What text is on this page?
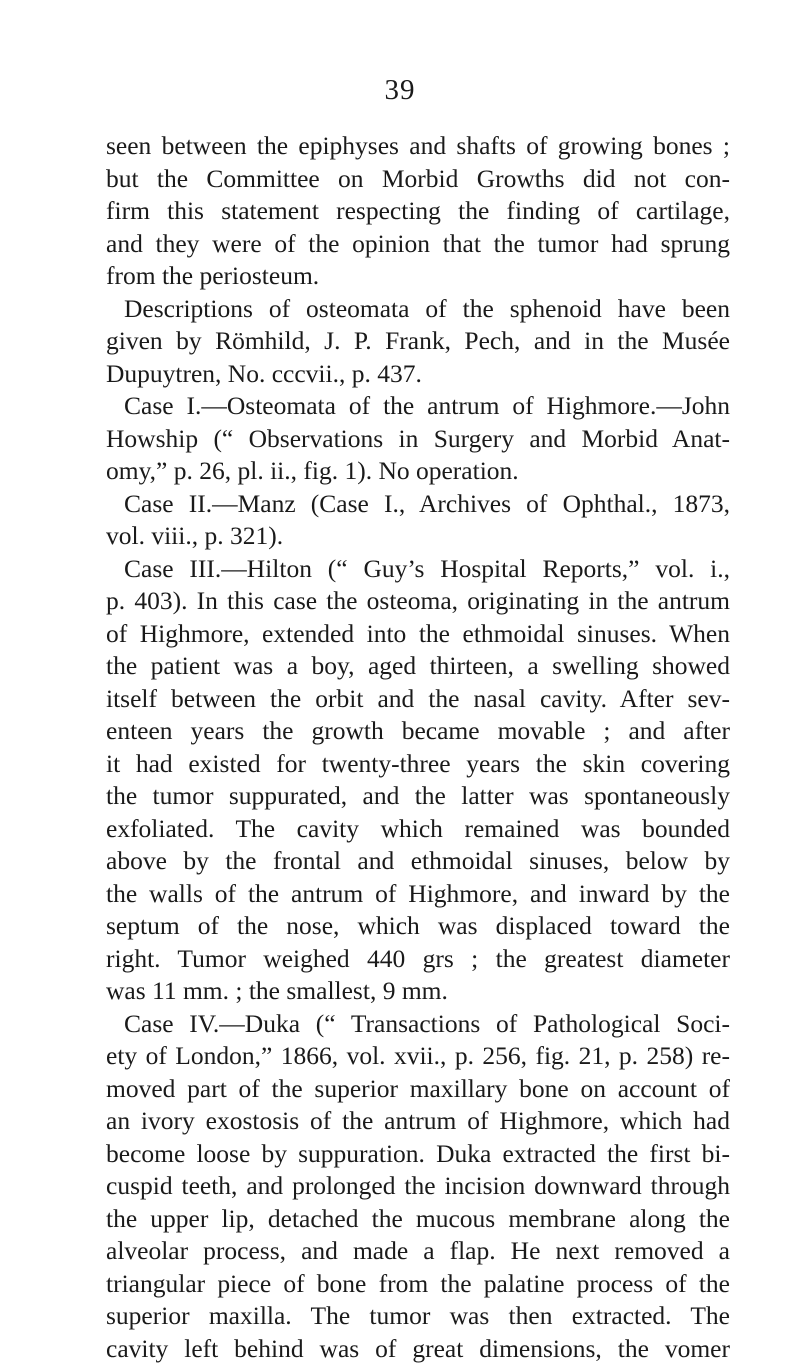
39
seen between the epiphyses and shafts of growing bones ;
but the Committee on Morbid Growths did not con-
firm this statement respecting the finding of cartilage,
and they were of the opinion that the tumor had sprung
from the periosteum.
Descriptions of osteomata of the sphenoid have been
given by Römhild, J. P. Frank, Pech, and in the Musée
Dupuytren, No. cccvii., p. 437.
Case I.—Osteomata of the antrum of Highmore.—John
Howship (“ Observations in Surgery and Morbid Anat-
omy,” p. 26, pl. ii., fig. 1). No operation.
Case II.—Manz (Case I., Archives of Ophthal., 1873,
vol. viii., p. 321).
Case III.—Hilton (“ Guy’s Hospital Reports,” vol. i.,
p. 403). In this case the osteoma, originating in the antrum
of Highmore, extended into the ethmoidal sinuses. When
the patient was a boy, aged thirteen, a swelling showed
itself between the orbit and the nasal cavity. After sev-
enteen years the growth became movable ; and after
it had existed for twenty-three years the skin covering
the tumor suppurated, and the latter was spontaneously
exfoliated. The cavity which remained was bounded
above by the frontal and ethmoidal sinuses, below by
the walls of the antrum of Highmore, and inward by the
septum of the nose, which was displaced toward the
right. Tumor weighed 440 grs ; the greatest diameter
was 11 mm. ; the smallest, 9 mm.
Case IV.—Duka (“ Transactions of Pathological Soci-
ety of London,” 1866, vol. xvii., p. 256, fig. 21, p. 258) re-
moved part of the superior maxillary bone on account of
an ivory exostosis of the antrum of Highmore, which had
become loose by suppuration. Duka extracted the first bi-
cuspid teeth, and prolonged the incision downward through
the upper lip, detached the mucous membrane along the
alveolar process, and made a flap. He next removed a
triangular piece of bone from the palatine process of the
superior maxilla. The tumor was then extracted. The
cavity left behind was of great dimensions, the vomer
